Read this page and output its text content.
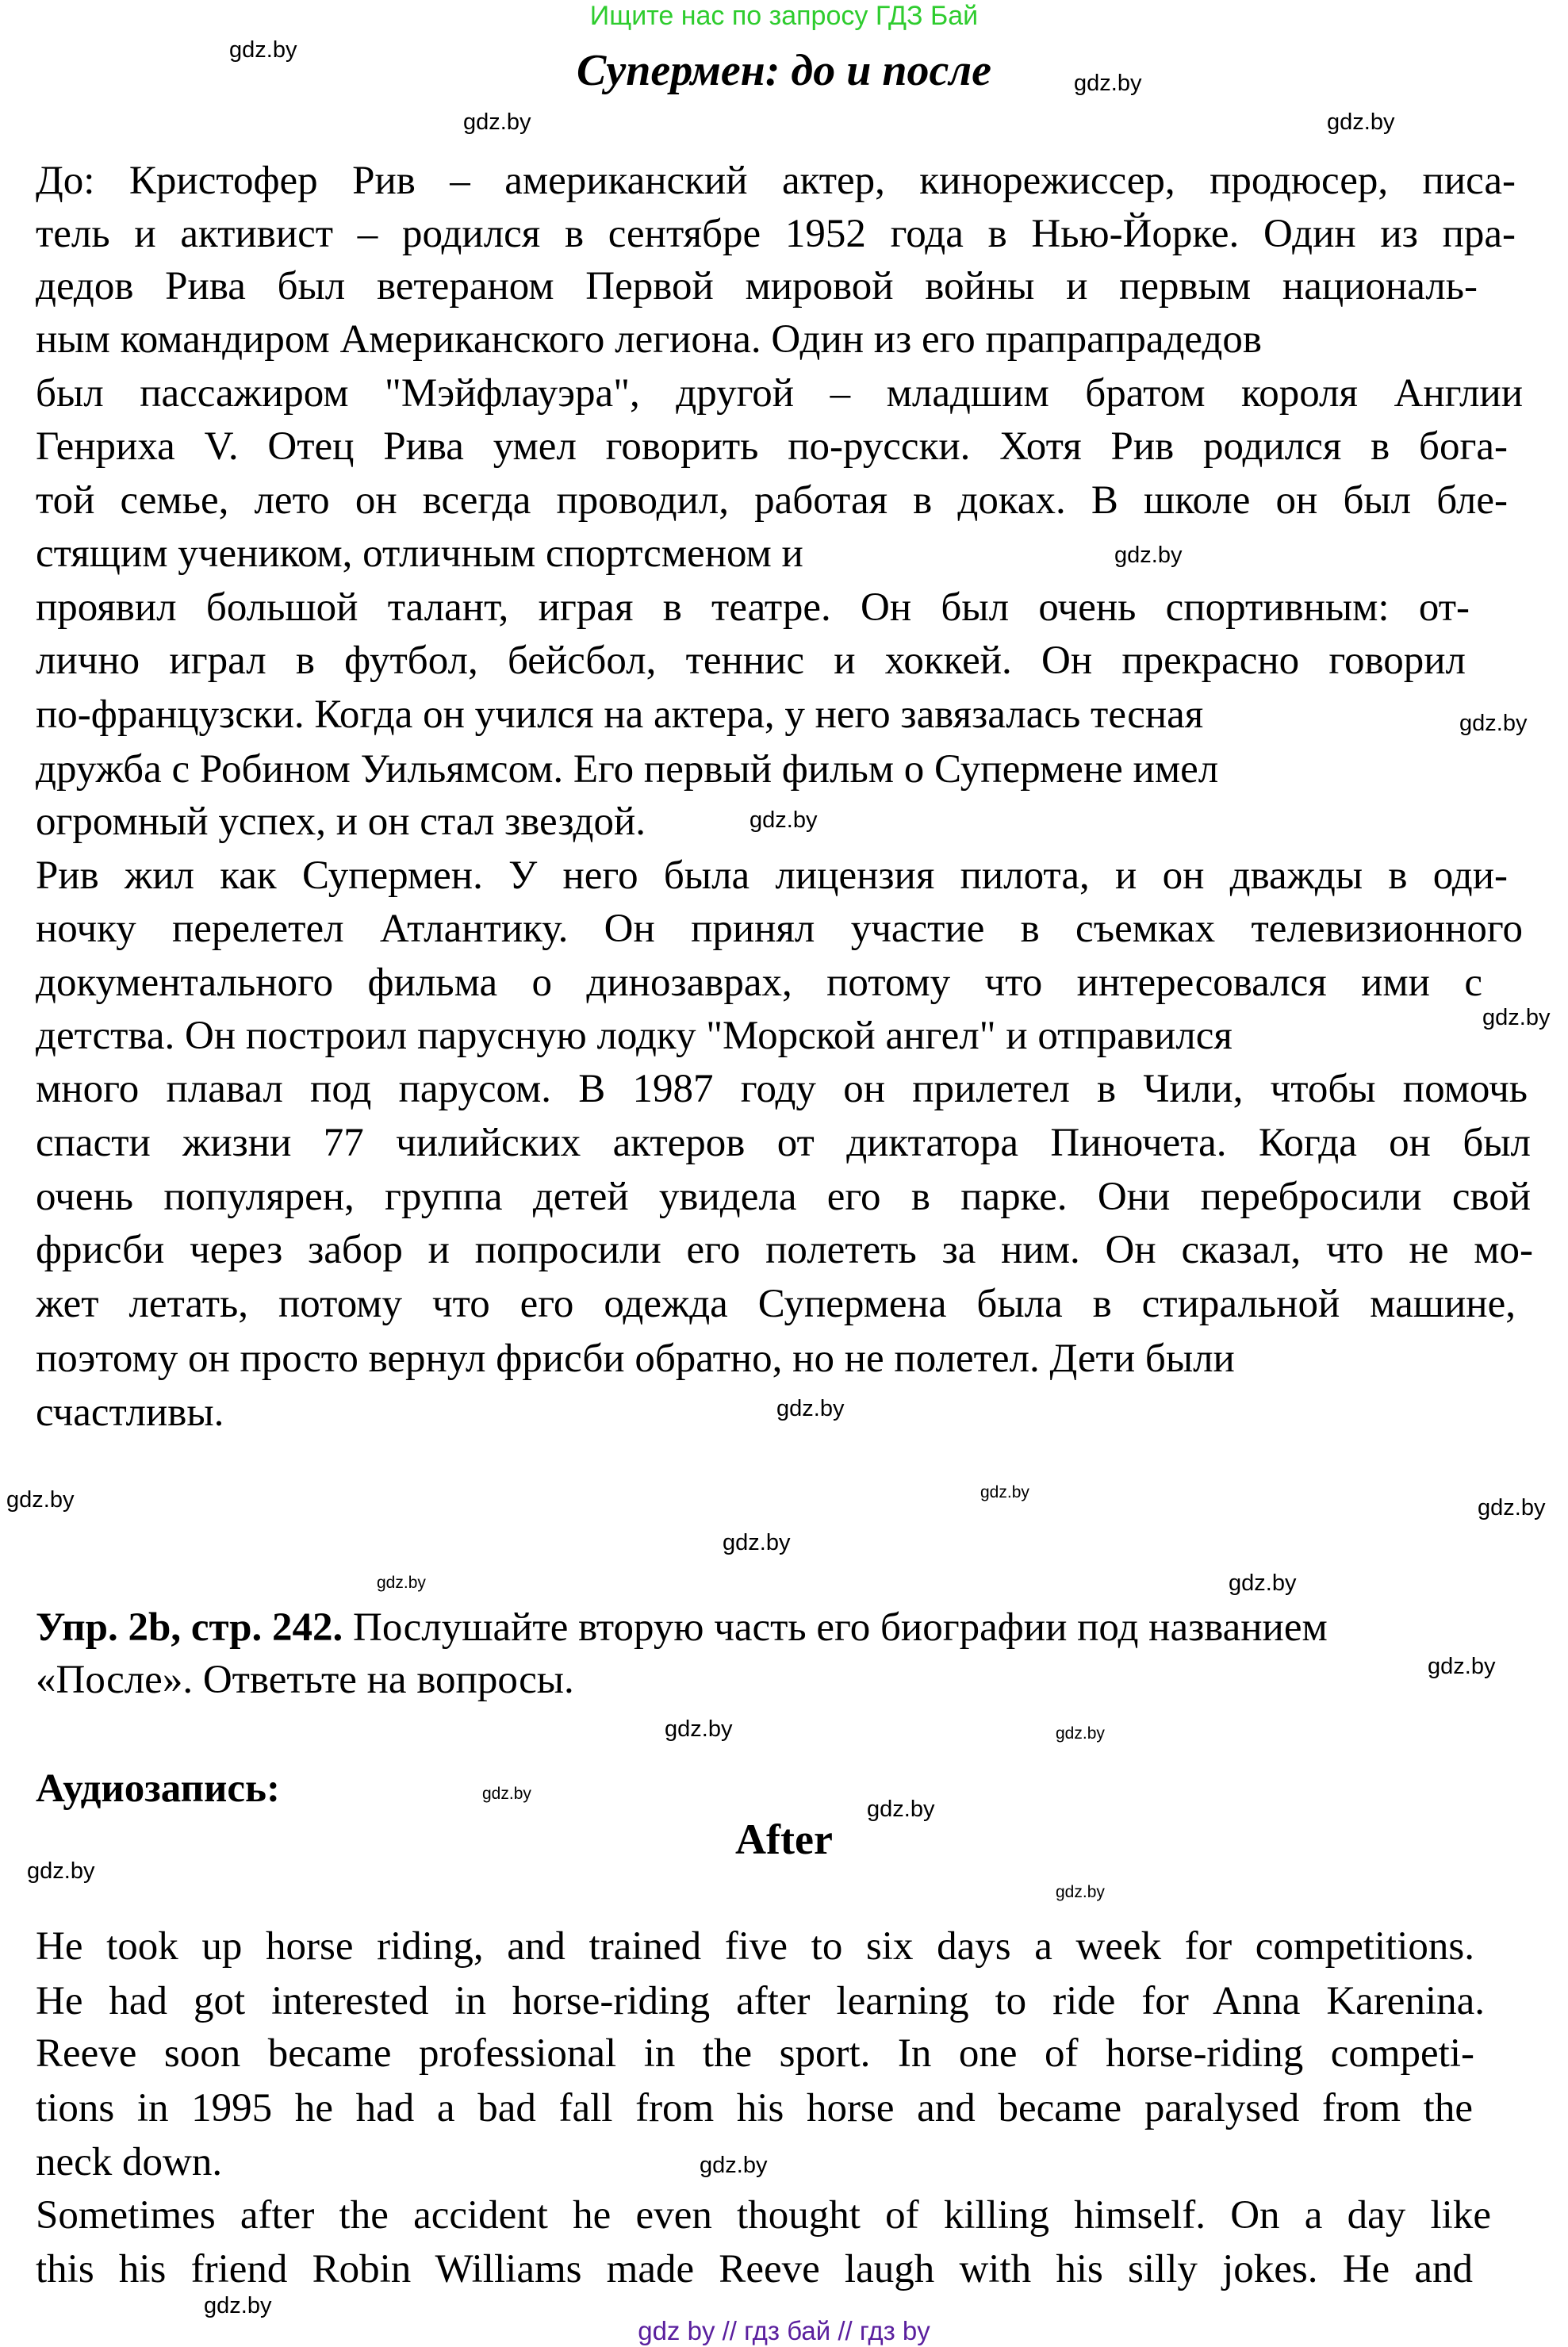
Ищите нас по запросу ГДЗ Бай
Супермен: до и после
До: Кристофер Рив – американский актер, кинорежиссер, продюсер, писа-
тель и активист – родился в сентябре 1952 года в Нью-Йорке. Один из пра-
дедов Рива был ветераном Первой мировой войны и первым националь-
ным командиром Американского легиона. Один из его прапрапрадедов
был пассажиром "Мэйфлауэра", другой – младшим братом короля Англии
Генриха V. Отец Рива умел говорить по-русски. Хотя Рив родился в бога-
той семье, лето он всегда проводил, работая в доках. В школе он был бле-
стящим учеником, отличным спортсменом и
проявил большой талант, играя в театре. Он был очень спортивным: от-
лично играл в футбол, бейсбол, теннис и хоккей. Он прекрасно говорил
по-французски. Когда он учился на актера, у него завязалась тесная
дружба с Робином Уильямсом. Его первый фильм о Супермене имел
огромный успех, и он стал звездой.
Рив жил как Супермен. У него была лицензия пилота, и он дважды в оди-
ночку перелетел Атлантику. Он принял участие в съемках телевизионного
документального фильма о динозаврах, потому что интересовался ими с
детства. Он построил парусную лодку "Морской ангел" и отправился
много плавал под парусом. В 1987 году он прилетел в Чили, чтобы помочь
спасти жизни 77 чилийских актеров от диктатора Пиночета. Когда он был
очень популярен, группа детей увидела его в парке. Они перебросили свой
фрисби через забор и попросили его полететь за ним. Он сказал, что не мо-
жет летать, потому что его одежда Супермена была в стиральной машине,
поэтому он просто вернул фрисби обратно, но не полетел. Дети были
счастливы.
Упр. 2b, стр. 242. Послушайте вторую часть его биографии под названием
«После». Ответьте на вопросы.
Аудиозапись:
After
He took up horse riding, and trained five to six days a week for competitions.
He had got interested in horse-riding after learning to ride for Anna Karenina.
Reeve soon became professional in the sport. In one of horse-riding competi-
tions in 1995 he had a bad fall from his horse and became paralysed from the
neck down.
Sometimes after the accident he even thought of killing himself. On a day like
this his friend Robin Williams made Reeve laugh with his silly jokes. He and
gdz.by
gdz.by
gdz.by	gdz.by
gdz.by
gdz.by
gdz.by
gdz.by
gdz.by
gdz.by
gdz.by
gdz.by
gdz.by
gdz.by
gdz.by
gdz.by
gdz.by
gdz.by
gdz.by
gdz.by
gdz.by
gdz.by
gdz.by
gdz.by
gdz by // гдз бай // гдз by
